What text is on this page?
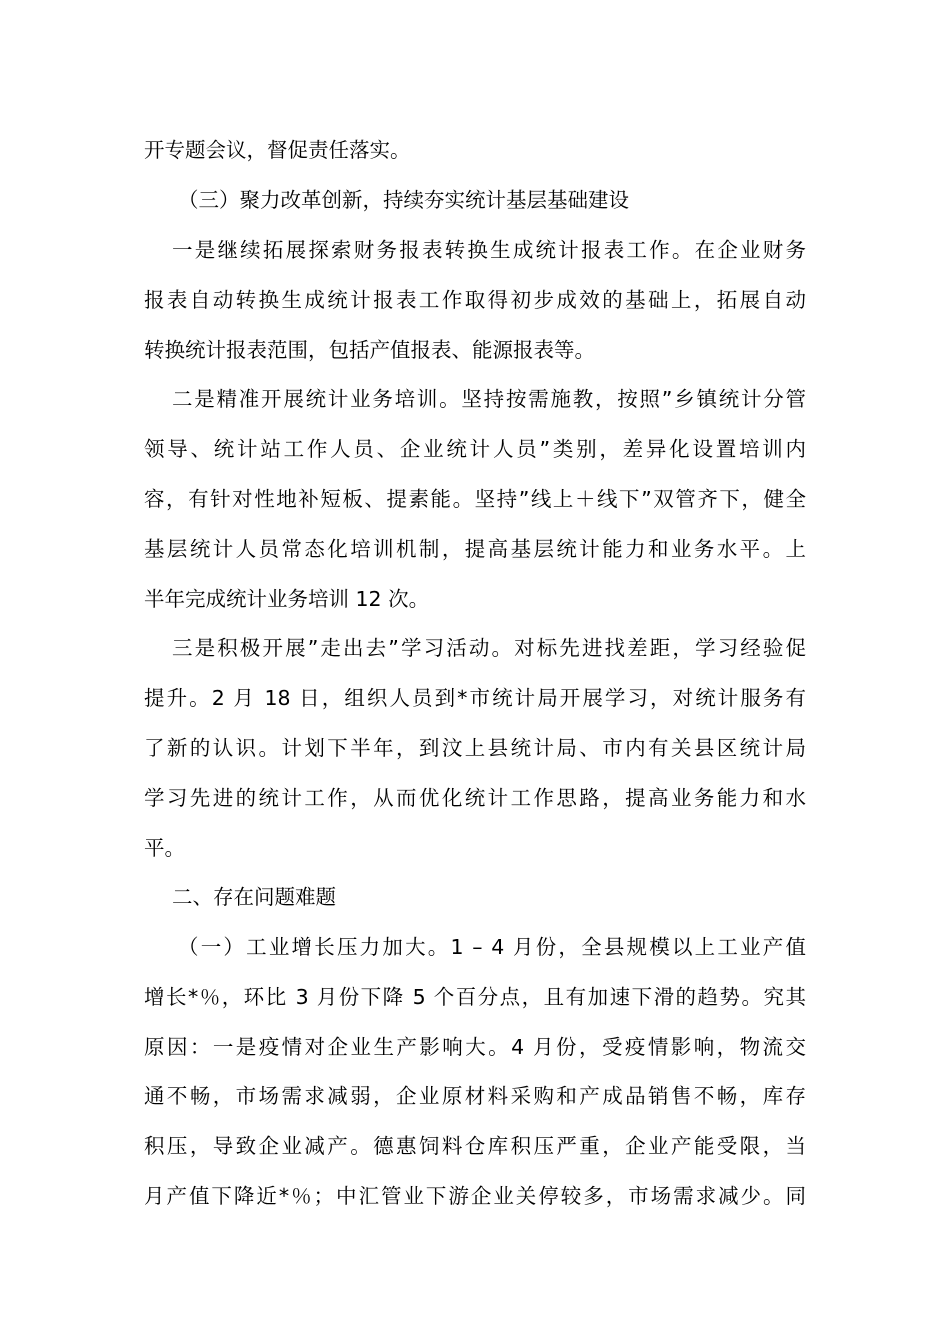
开专题会议，督促责任落实。
（三）聚力改革创新，持续夯实统计基层基础建设
一是继续拓展探索财务报表转换生成统计报表工作。在企业财务
报表自动转换生成统计报表工作取得初步成效的基础上，拓展自动
转换统计报表范围，包括产值报表、能源报表等。
二是精准开展统计业务培训。坚持按需施教，按照”乡镇统计分管
领导、统计站工作人员、企业统计人员”类别，差异化设置培训内
容，有针对性地补短板、提素能。坚持”线上＋线下”双管齐下，健全
基层统计人员常态化培训机制，提高基层统计能力和业务水平。上
半年完成统计业务培训 12 次。
三是积极开展”走出去”学习活动。对标先进找差距，学习经验促
提升。2 月 18 日，组织人员到*市统计局开展学习，对统计服务有
了新的认识。计划下半年，到汶上县统计局、市内有关县区统计局
学习先进的统计工作，从而优化统计工作思路，提高业务能力和水
平。
二、存在问题难题
（一）工业增长压力加大。1 – 4 月份，全县规模以上工业产值
增长*％，环比 3 月份下降 5 个百分点，且有加速下滑的趋势。究其
原因：一是疫情对企业生产影响大。4 月份，受疫情影响，物流交
通不畅，市场需求减弱，企业原材料采购和产成品销售不畅，库存
积压，导致企业减产。德惠饲料仓库积压严重，企业产能受限，当
月产值下降近*％；中汇管业下游企业关停较多，市场需求减少。同
